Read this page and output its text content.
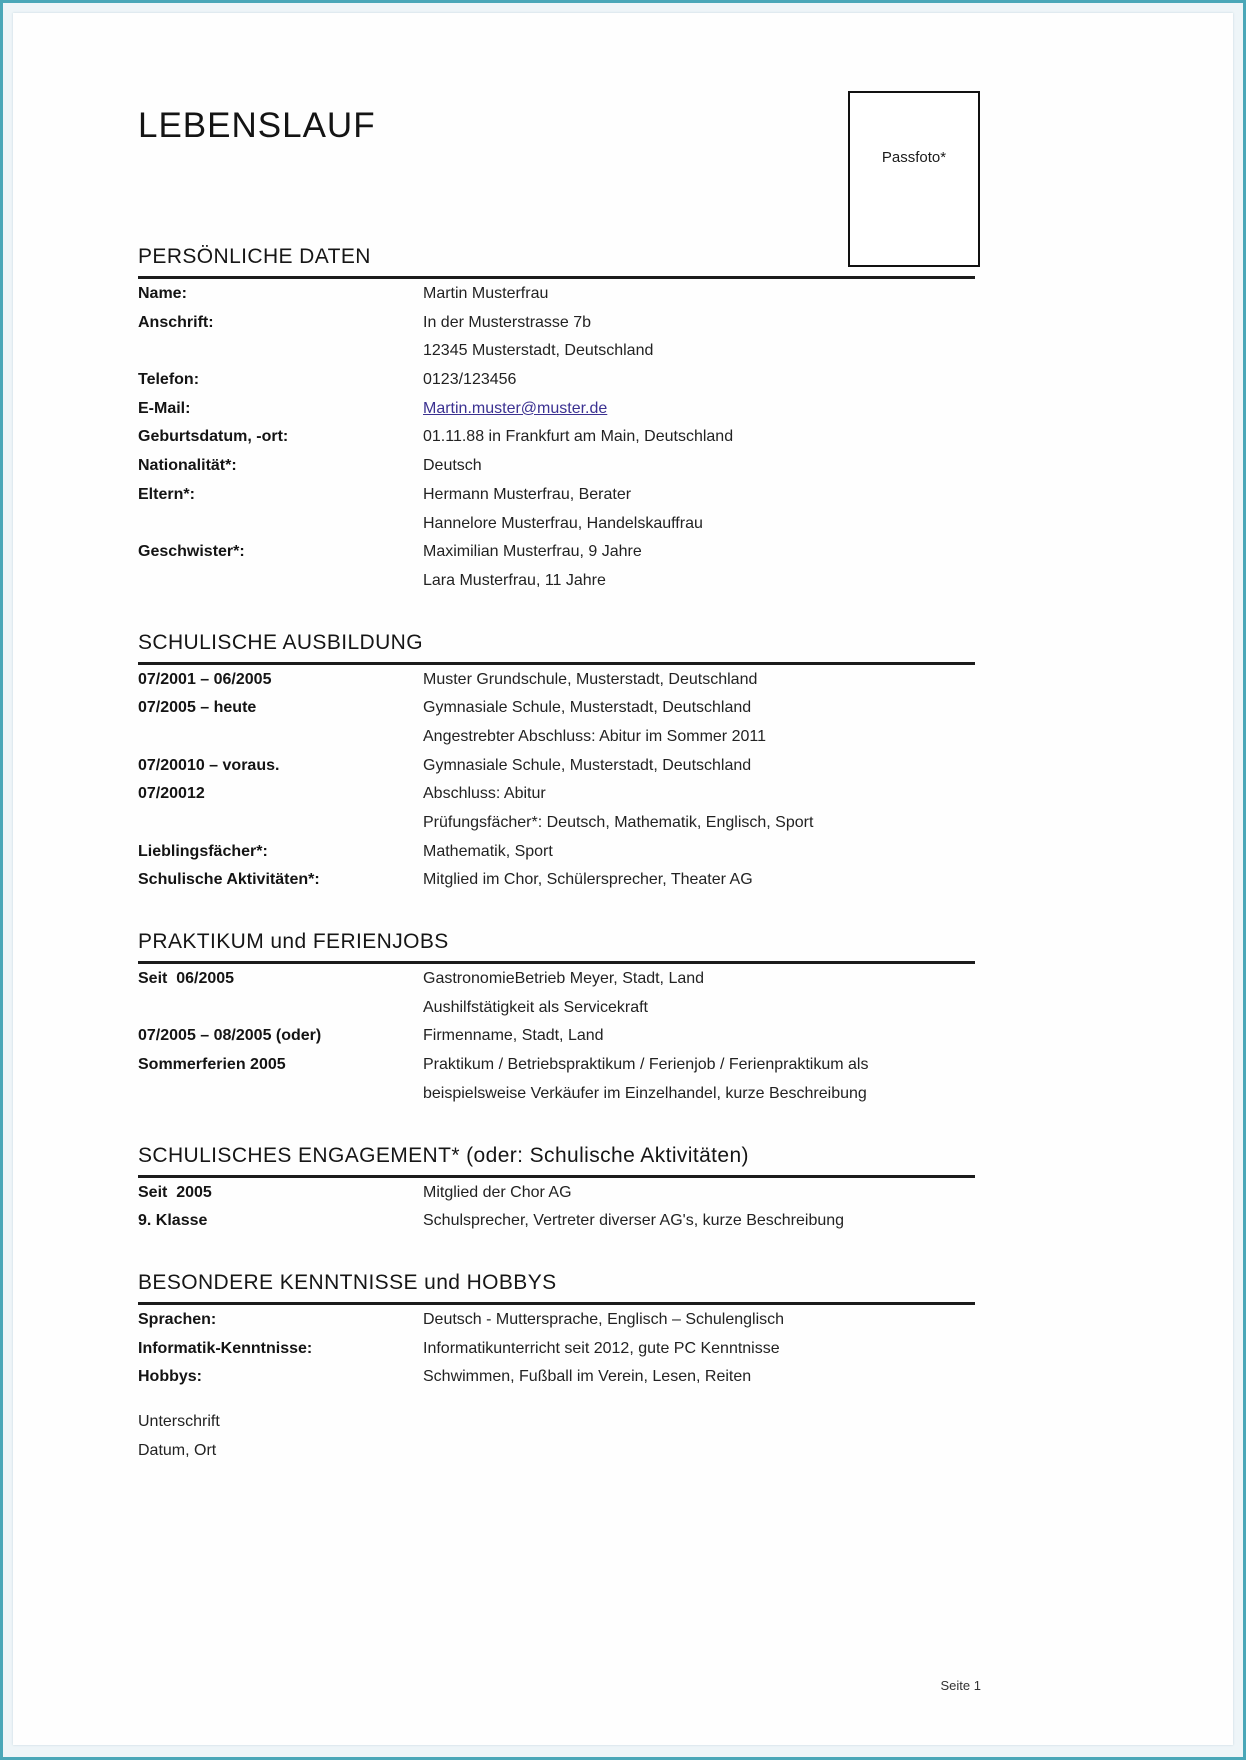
Passfoto*
LEBENSLAUF
PERSÖNLICHE DATEN
Name:	Martin Musterfrau
Anschrift:	In der Musterstrasse 7b
12345 Musterstadt, Deutschland
Telefon:	0123/123456
E-Mail:	Martin.muster@muster.de
Geburtsdatum, -ort:	01.11.88 in Frankfurt am Main, Deutschland
Nationalität*:	Deutsch
Eltern*:	Hermann Musterfrau, Berater
Hannelore Musterfrau, Handelskauffrau
Geschwister*:	Maximilian Musterfrau, 9 Jahre
Lara Musterfrau, 11 Jahre
SCHULISCHE AUSBILDUNG
07/2001 – 06/2005	Muster Grundschule, Musterstadt, Deutschland
07/2005 – heute	Gymnasiale Schule, Musterstadt, Deutschland
Angestrebter Abschluss: Abitur im Sommer 2011
07/20010 – voraus.	Gymnasiale Schule, Musterstadt, Deutschland
07/20012	Abschluss: Abitur
Prüfungsfächer*: Deutsch, Mathematik, Englisch, Sport
Lieblingsfächer*:	Mathematik, Sport
Schulische Aktivitäten*:	Mitglied im Chor, Schülersprecher, Theater AG
PRAKTIKUM und FERIENJOBS
Seit  06/2005	GastronomieBetrieb Meyer, Stadt, Land
Aushilfstätigkeit als Servicekraft
07/2005 – 08/2005 (oder)	Firmenname, Stadt, Land
Sommerferien 2005	Praktikum / Betriebspraktikum / Ferienjob / Ferienpraktikum als
beispielsweise Verkäufer im Einzelhandel, kurze Beschreibung
SCHULISCHES ENGAGEMENT* (oder: Schulische Aktivitäten)
Seit  2005	Mitglied der Chor AG
9. Klasse	Schulsprecher, Vertreter diverser AG's, kurze Beschreibung
BESONDERE KENNTNISSE und HOBBYS
Sprachen:	Deutsch - Muttersprache, Englisch – Schulenglisch
Informatik-Kenntnisse:	Informatikunterricht seit 2012, gute PC Kenntnisse
Hobbys:	Schwimmen, Fußball im Verein, Lesen, Reiten
Unterschrift
Datum, Ort
Seite 1
